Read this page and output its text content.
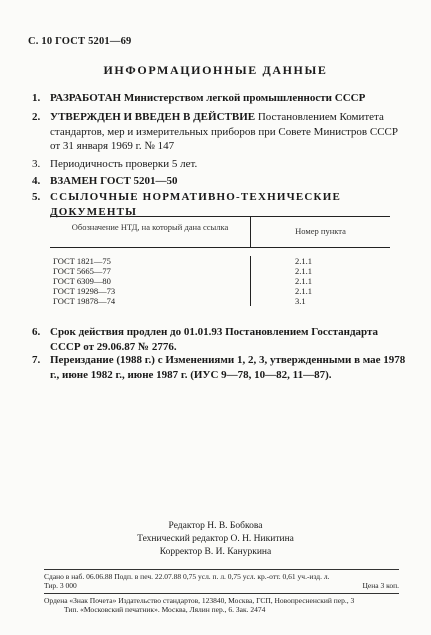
С. 10 ГОСТ 5201—69
ИНФОРМАЦИОННЫЕ ДАННЫЕ
1. РАЗРАБОТАН Министерством легкой промышленности СССР
2. УТВЕРЖДЕН И ВВЕДЕН В ДЕЙСТВИЕ Постановлением Комитета стандартов, мер и измерительных приборов при Совете Министров СССР от 31 января 1969 г. № 147
3. Периодичность проверки 5 лет.
4. ВЗАМЕН ГОСТ 5201—50
5. ССЫЛОЧНЫЕ НОРМАТИВНО-ТЕХНИЧЕСКИЕ ДОКУМЕНТЫ
Обозначение НТД, на который дана ссылка	Номер пункта
ГОСТ 1821—75
ГОСТ 5665—77
ГОСТ 6309—80
ГОСТ 19298—73
ГОСТ 19878—74
2.1.1
2.1.1
2.1.1
2.1.1
3.1
6. Срок действия продлен до 01.01.93 Постановлением Госстандарта СССР от 29.06.87 № 2776.
7. Переиздание (1988 г.) с Изменениями 1, 2, 3, утвержденными в мае 1978 г., июне 1982 г., июне 1987 г. (ИУС 9—78, 10—82, 11—87).
Редактор Н. В. Бобкова
Технический редактор О. Н. Никитина
Корректор В. И. Кануркина
Сдано в наб. 06.06.88 Подп. в печ. 22.07.88 0,75 усл. п. л. 0,75 усл. кр.-отт. 0,61 уч.-изд. л.
Тир. 3 000	Цена 3 коп.
Ордена «Знак Почета» Издательство стандартов, 123840, Москва, ГСП, Новопресненский пер., 3
Тип. «Московский печатник». Москва, Лялин пер., 6. Зак. 2474
